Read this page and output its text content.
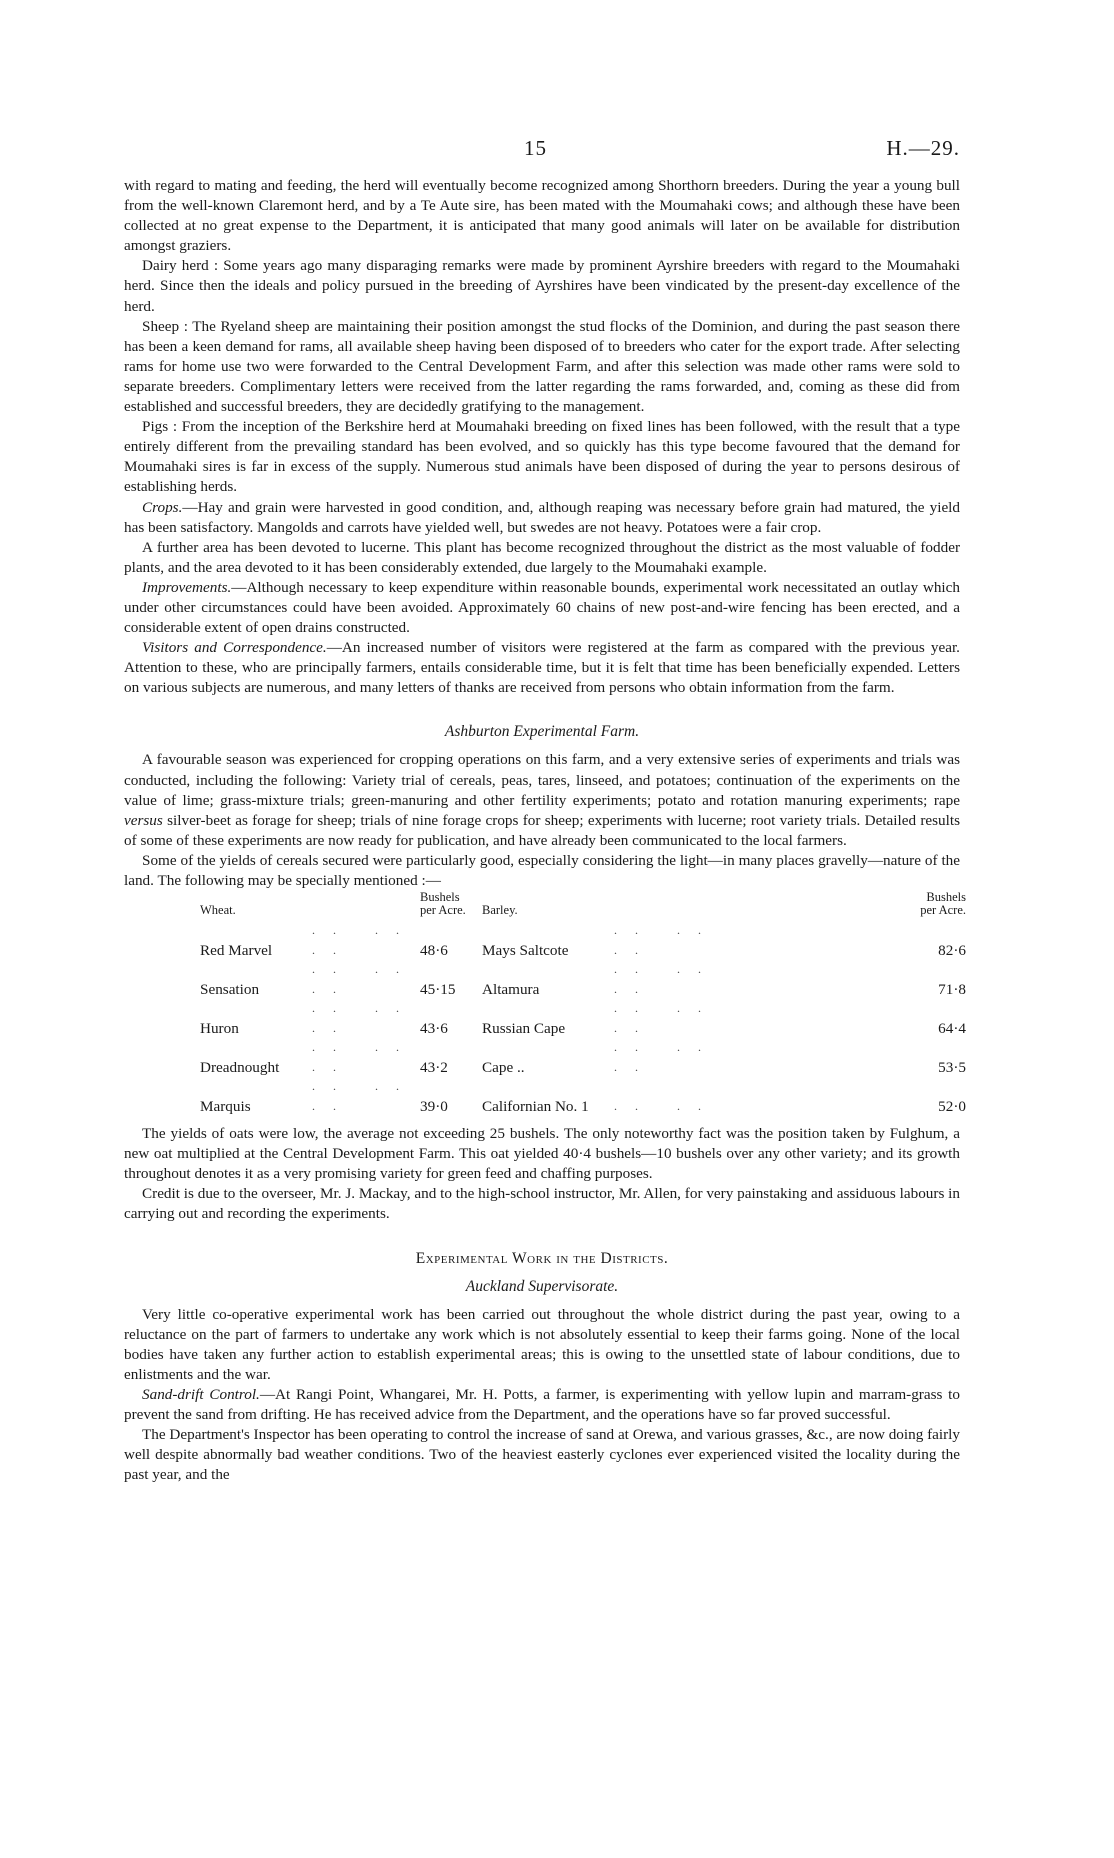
15	H.—29.

with regard to mating and feeding, the herd will eventually become recognized among Shorthorn breeders. During the year a young bull from the well-known Claremont herd, and by a Te Aute sire, has been mated with the Moumahaki cows; and although these have been collected at no great expense to the Department, it is anticipated that many good animals will later on be available for distribution amongst graziers.

Dairy herd : Some years ago many disparaging remarks were made by prominent Ayrshire breeders with regard to the Moumahaki herd. Since then the ideals and policy pursued in the breeding of Ayrshires have been vindicated by the present-day excellence of the herd.

Sheep : The Ryeland sheep are maintaining their position amongst the stud flocks of the Dominion, and during the past season there has been a keen demand for rams, all available sheep having been disposed of to breeders who cater for the export trade. After selecting rams for home use two were forwarded to the Central Development Farm, and after this selection was made other rams were sold to separate breeders. Complimentary letters were received from the latter regarding the rams forwarded, and, coming as these did from established and successful breeders, they are decidedly gratifying to the management.

Pigs : From the inception of the Berkshire herd at Moumahaki breeding on fixed lines has been followed, with the result that a type entirely different from the prevailing standard has been evolved, and so quickly has this type become favoured that the demand for Moumahaki sires is far in excess of the supply. Numerous stud animals have been disposed of during the year to persons desirous of establishing herds.

Crops.—Hay and grain were harvested in good condition, and, although reaping was necessary before grain had matured, the yield has been satisfactory. Mangolds and carrots have yielded well, but swedes are not heavy. Potatoes were a fair crop.

A further area has been devoted to lucerne. This plant has become recognized throughout the district as the most valuable of fodder plants, and the area devoted to it has been considerably extended, due largely to the Moumahaki example.

Improvements.—Although necessary to keep expenditure within reasonable bounds, experimental work necessitated an outlay which under other circumstances could have been avoided. Approximately 60 chains of new post-and-wire fencing has been erected, and a considerable extent of open drains constructed.

Visitors and Correspondence.—An increased number of visitors were registered at the farm as compared with the previous year. Attention to these, who are principally farmers, entails considerable time, but it is felt that time has been beneficially expended. Letters on various subjects are numerous, and many letters of thanks are received from persons who obtain information from the farm.

Ashburton Experimental Farm.

A favourable season was experienced for cropping operations on this farm, and a very extensive series of experiments and trials was conducted, including the following: Variety trial of cereals, peas, tares, linseed, and potatoes; continuation of the experiments on the value of lime; grass-mixture trials; green-manuring and other fertility experiments; potato and rotation manuring experiments; rape versus silver-beet as forage for sheep; trials of nine forage crops for sheep; experiments with lucerne; root variety trials. Detailed results of some of these experiments are now ready for publication, and have already been communicated to the local farmers.

Some of the yields of cereals secured were particularly good, especially considering the light—in many places gravelly—nature of the land. The following may be specially mentioned :—

Wheat.		Bushels
per Acre.	Barley.		Bushels
per Acre.
Red Marvel	.. .. ..	48·6	Mays Saltcote	.. .. ..	82·6
Sensation	.. .. ..	45·15	Altamura	.. .. ..	71·8
Huron	.. .. ..	43·6	Russian Cape	.. .. ..	64·4
Dreadnought	.. .. ..	43·2	Cape ..	.. .. ..	53·5
Marquis	.. .. ..	39·0	Californian No. 1	.. ..	52·0

The yields of oats were low, the average not exceeding 25 bushels. The only noteworthy fact was the position taken by Fulghum, a new oat multiplied at the Central Development Farm. This oat yielded 40·4 bushels—10 bushels over any other variety; and its growth throughout denotes it as a very promising variety for green feed and chaffing purposes.

Credit is due to the overseer, Mr. J. Mackay, and to the high-school instructor, Mr. Allen, for very painstaking and assiduous labours in carrying out and recording the experiments.

Experimental Work in the Districts.
Auckland Supervisorate.

Very little co-operative experimental work has been carried out throughout the whole district during the past year, owing to a reluctance on the part of farmers to undertake any work which is not absolutely essential to keep their farms going. None of the local bodies have taken any further action to establish experimental areas; this is owing to the unsettled state of labour conditions, due to enlistments and the war.

Sand-drift Control.—At Rangi Point, Whangarei, Mr. H. Potts, a farmer, is experimenting with yellow lupin and marram-grass to prevent the sand from drifting. He has received advice from the Department, and the operations have so far proved successful.

The Department's Inspector has been operating to control the increase of sand at Orewa, and various grasses, &c., are now doing fairly well despite abnormally bad weather conditions. Two of the heaviest easterly cyclones ever experienced visited the locality during the past year, and the
